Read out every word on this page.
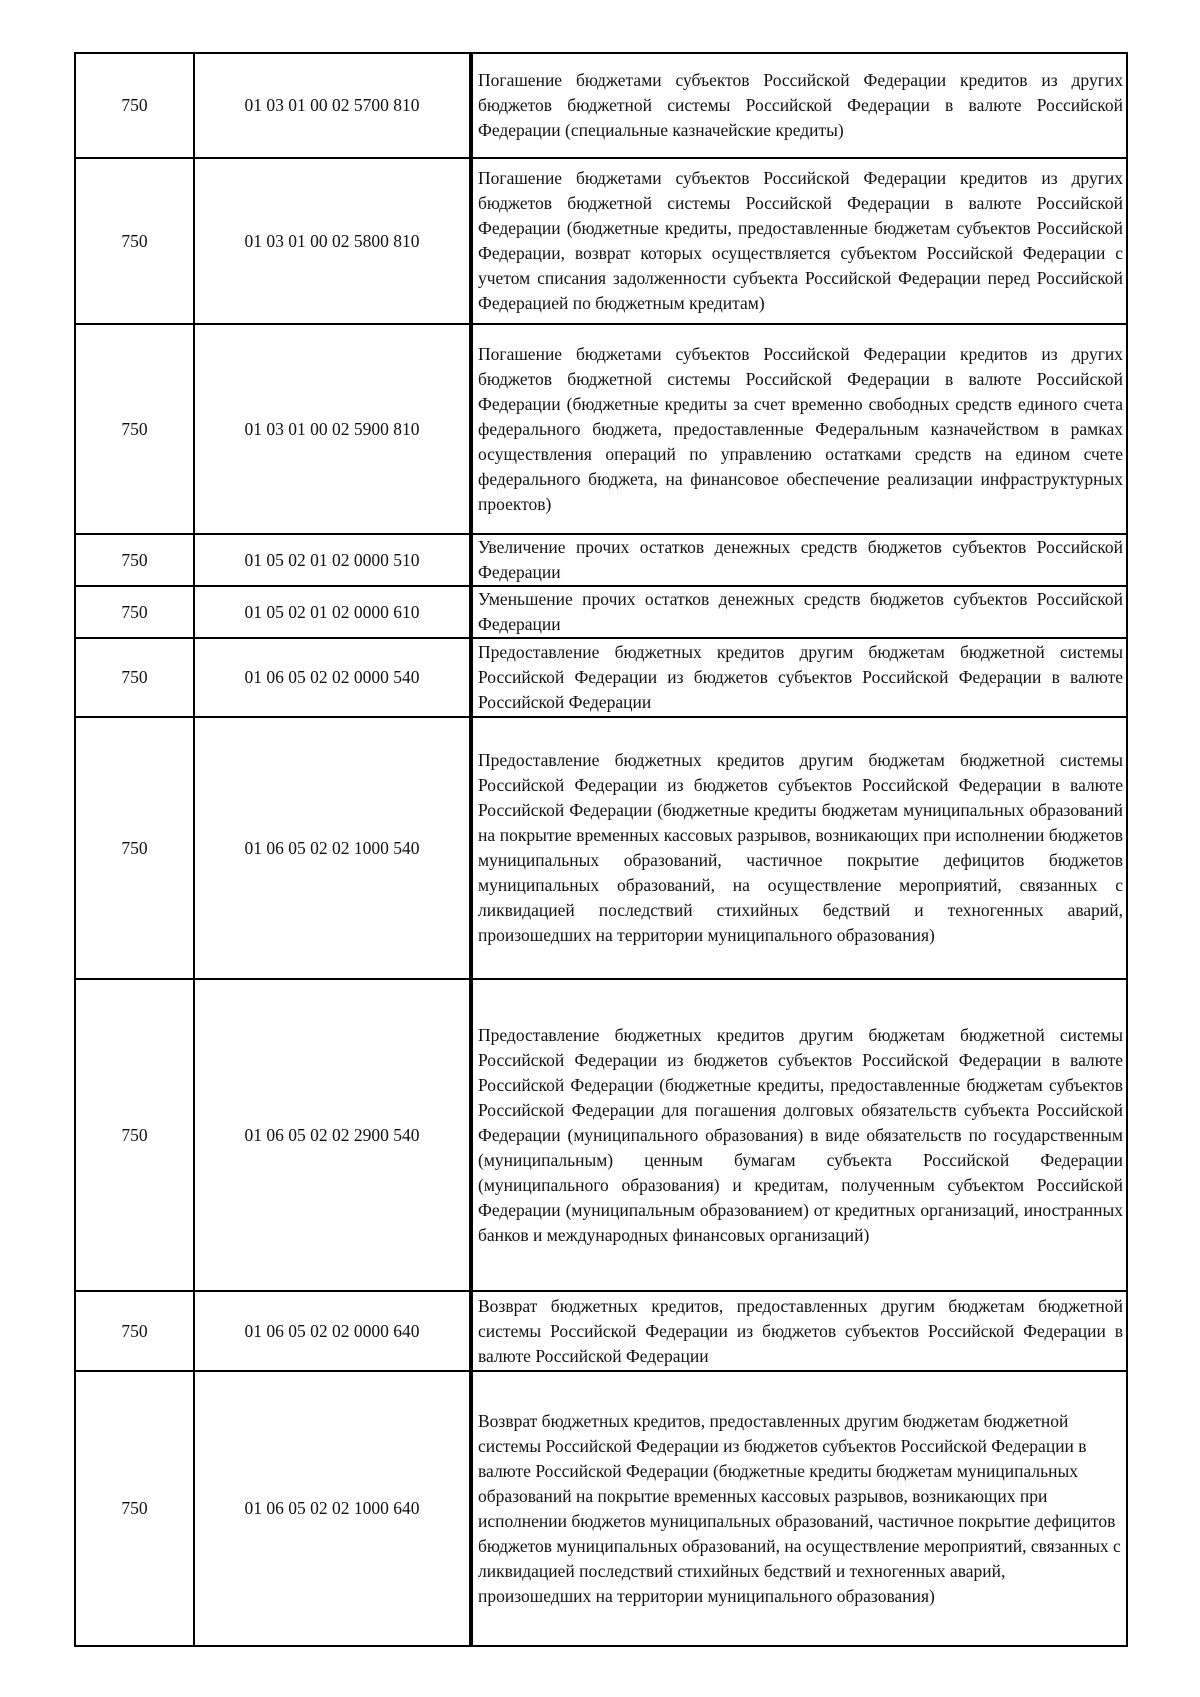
750	01 03 01 00 02 5700 810	Погашение бюджетами субъектов Российской Федерации кредитов из других бюджетов бюджетной системы Российской Федерации в валюте Российской Федерации (специальные казначейские кредиты)

750	01 03 01 00 02 5800 810	Погашение бюджетами субъектов Российской Федерации кредитов из других бюджетов бюджетной системы Российской Федерации в валюте Российской Федерации (бюджетные кредиты, предоставленные бюджетам субъектов Российской Федерации, возврат которых осуществляется субъектом Российской Федерации с учетом списания задолженности субъекта Российской Федерации перед Российской Федерацией по бюджетным кредитам)

750	01 03 01 00 02 5900 810	Погашение бюджетами субъектов Российской Федерации кредитов из других бюджетов бюджетной системы Российской Федерации в валюте Российской Федерации (бюджетные кредиты за счет временно свободных средств единого счета федерального бюджета, предоставленные Федеральным казначейством в рамках осуществления операций по управлению остатками средств на едином счете федерального бюджета, на финансовое обеспечение реализации инфраструктурных проектов)

750	01 05 02 01 02 0000 510	Увеличение прочих остатков денежных средств бюджетов субъектов Российской Федерации

750	01 05 02 01 02 0000 610	Уменьшение прочих остатков денежных средств бюджетов субъектов Российской Федерации

750	01 06 05 02 02 0000 540	Предоставление бюджетных кредитов другим бюджетам бюджетной системы Российской Федерации из бюджетов субъектов Российской Федерации в валюте Российской Федерации

750	01 06 05 02 02 1000 540	Предоставление бюджетных кредитов другим бюджетам бюджетной системы Российской Федерации из бюджетов субъектов Российской Федерации в валюте Российской Федерации (бюджетные кредиты бюджетам муниципальных образований на покрытие временных кассовых разрывов, возникающих при исполнении бюджетов муниципальных образований, частичное покрытие дефицитов бюджетов муниципальных образований, на осуществление мероприятий, связанных с ликвидацией последствий стихийных бедствий и техногенных аварий, произошедших на территории муниципального образования)

750	01 06 05 02 02 2900 540	Предоставление бюджетных кредитов другим бюджетам бюджетной системы Российской Федерации из бюджетов субъектов Российской Федерации в валюте Российской Федерации (бюджетные кредиты, предоставленные бюджетам субъектов Российской Федерации для погашения долговых обязательств субъекта Российской Федерации (муниципального образования) в виде обязательств по государственным (муниципальным) ценным бумагам субъекта Российской Федерации (муниципального образования) и кредитам, полученным субъектом Российской Федерации (муниципальным образованием) от кредитных организаций, иностранных банков и международных финансовых организаций)

750	01 06 05 02 02 0000 640	Возврат бюджетных кредитов, предоставленных другим бюджетам бюджетной системы Российской Федерации из бюджетов субъектов Российской Федерации в валюте Российской Федерации

750	01 06 05 02 02 1000 640	Возврат бюджетных кредитов, предоставленных другим бюджетам бюджетной системы Российской Федерации из бюджетов субъектов Российской Федерации в валюте Российской Федерации (бюджетные кредиты бюджетам муниципальных образований на покрытие временных кассовых разрывов, возникающих при исполнении бюджетов муниципальных образований, частичное покрытие дефицитов бюджетов муниципальных образований, на осуществление мероприятий, связанных с ликвидацией последствий стихийных бедствий и техногенных аварий, произошедших на территории муниципального образования)
